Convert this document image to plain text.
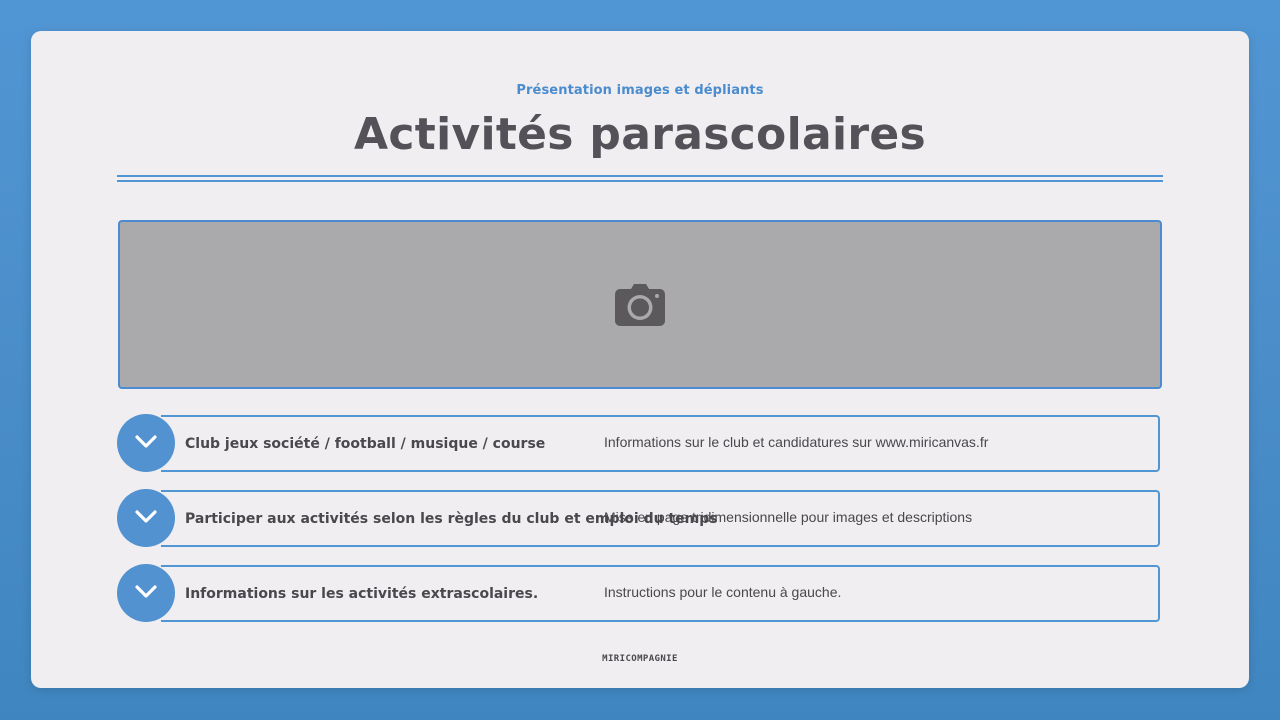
Présentation images et dépliants
Activités parascolaires
Club jeux société / football / musique / course	Informations sur le club et candidatures sur www.miricanvas.fr
Participer aux activités selon les règles du club et emploi du temps
Mise en page tridimensionnelle pour images et descriptions
Informations sur les activités extrascolaires.	Instructions pour le contenu à gauche.
MIRICOMPAGNIE
